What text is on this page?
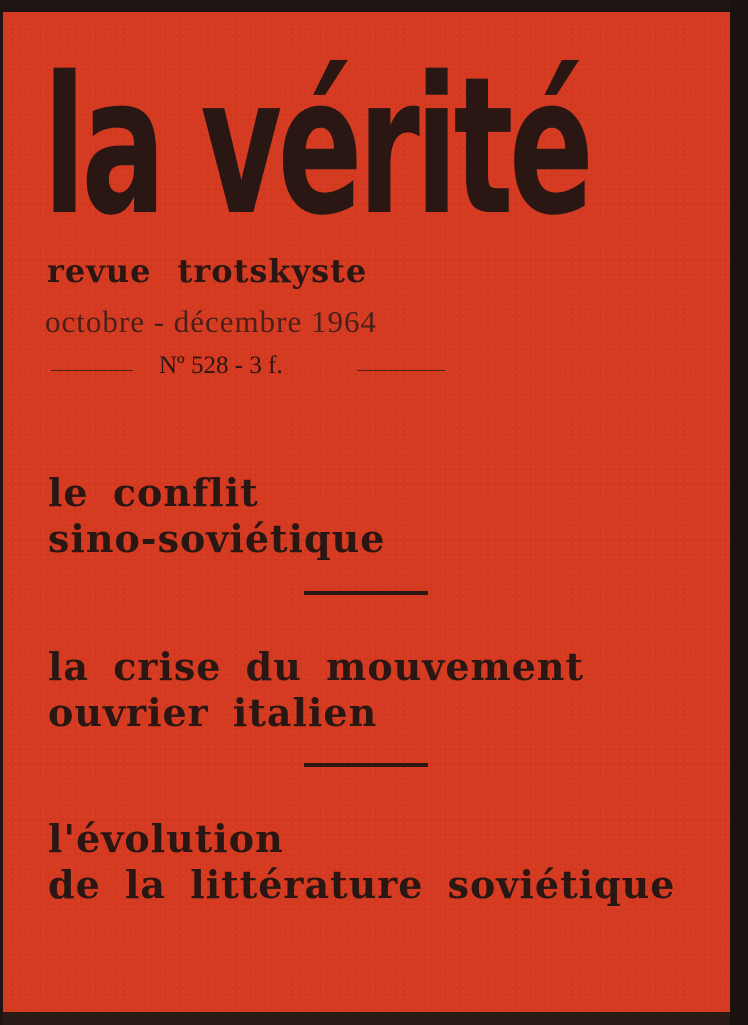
la vérité
revue trotskyste
octobre - décembre 1964
Nº 528 - 3 f.
le conflit
sino-soviétique
la crise du mouvement
ouvrier italien
l'évolution
de la littérature soviétique
